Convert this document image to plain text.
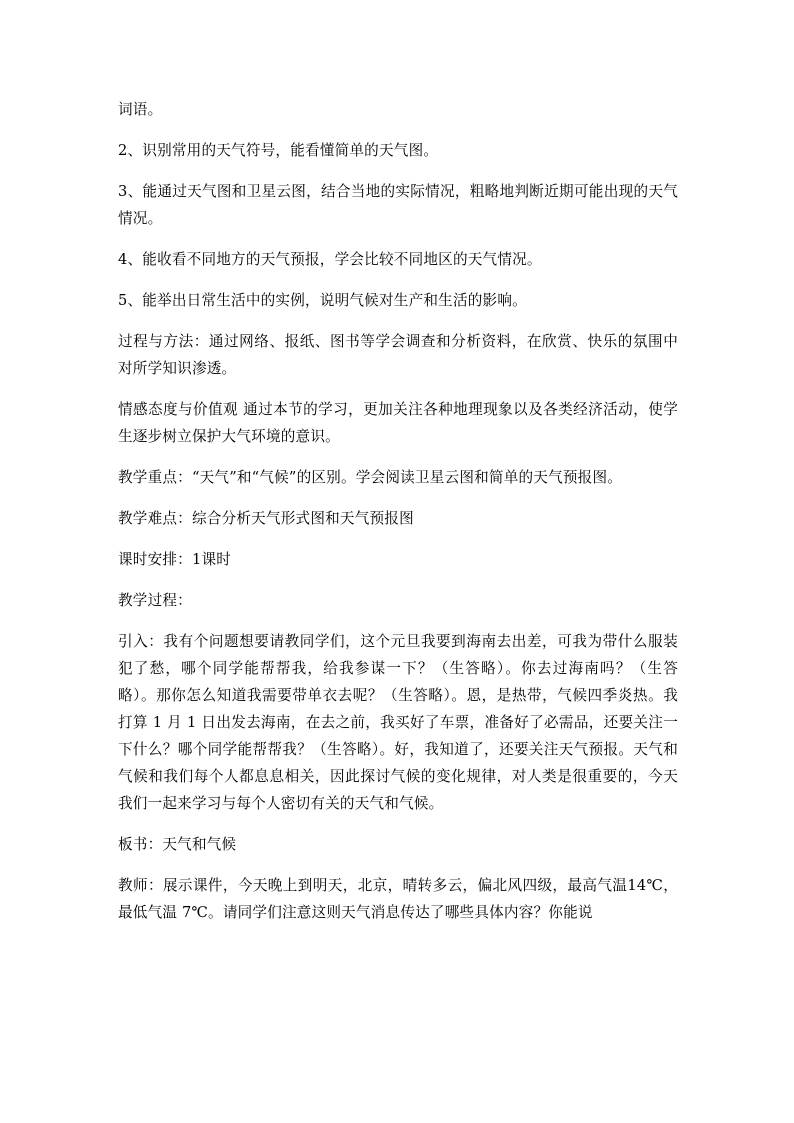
词语。

2、识别常用的天气符号，能看懂简单的天气图。

3、能通过天气图和卫星云图，结合当地的实际情况，粗略地判断近期可能出现的天气情况。

4、能收看不同地方的天气预报，学会比较不同地区的天气情况。

5、能举出日常生活中的实例，说明气候对生产和生活的影响。

过程与方法：通过网络、报纸、图书等学会调查和分析资料，在欣赏、快乐的氛围中对所学知识渗透。

情感态度与价值观 通过本节的学习，更加关注各种地理现象以及各类经济活动，使学生逐步树立保护大气环境的意识。

教学重点：“天气”和“气候”的区别。学会阅读卫星云图和简单的天气预报图。

教学难点：综合分析天气形式图和天气预报图

课时安排：1课时

教学过程：

引入：我有个问题想要请教同学们，这个元旦我要到海南去出差，可我为带什么服装犯了愁，哪个同学能帮帮我，给我参谋一下？（生答略）。你去过海南吗？（生答略）。那你怎么知道我需要带单衣去呢？（生答略）。恩，是热带，气候四季炎热。我打算 1 月 1 日出发去海南，在去之前，我买好了车票，准备好了必需品，还要关注一下什么？哪个同学能帮帮我？（生答略）。好，我知道了，还要关注天气预报。天气和气候和我们每个人都息息相关，因此探讨气候的变化规律，对人类是很重要的，今天我们一起来学习与每个人密切有关的天气和气候。

板书：天气和气候

教师：展示课件，今天晚上到明天，北京，晴转多云，偏北风四级，最高气温14℃，最低气温 7℃。请同学们注意这则天气消息传达了哪些具体内容？你能说
